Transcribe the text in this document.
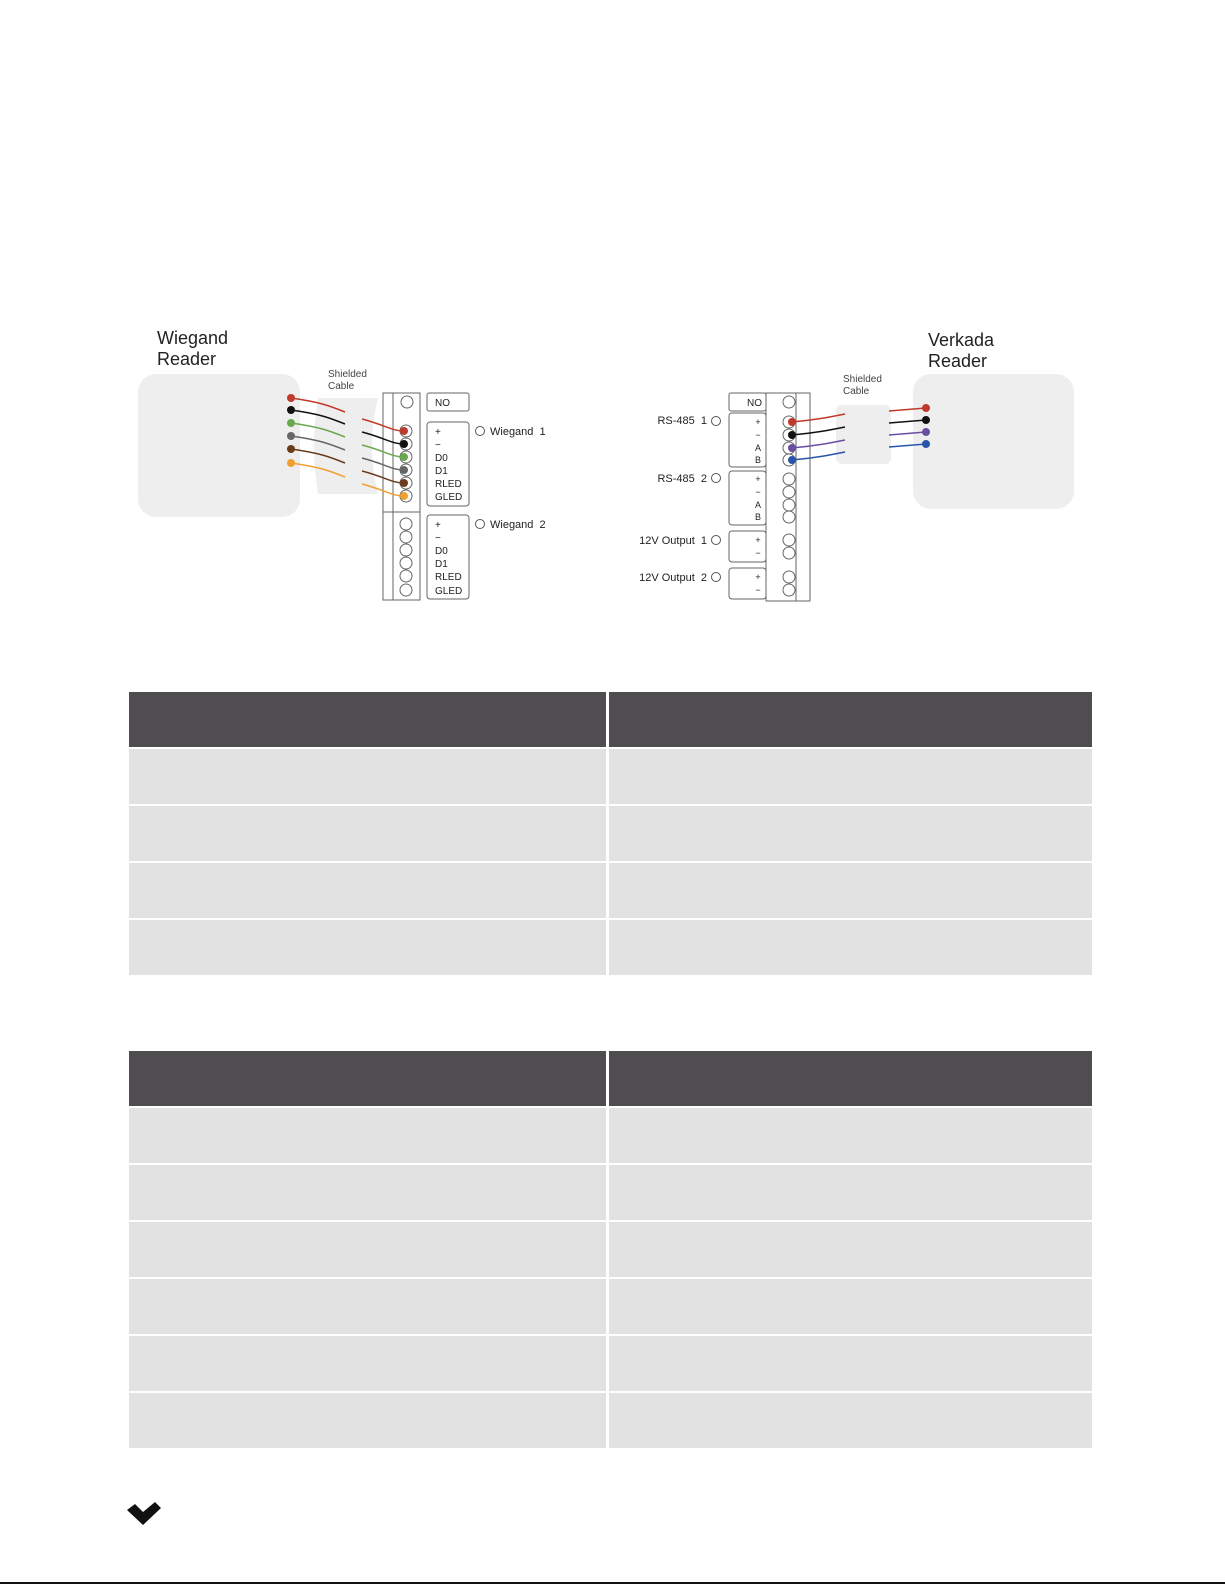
Wiegand
Reader
Shielded
Cable
NO
+
−
D0
D1
RLED
GLED
+
−
D0
D1
RLED
GLED
Wiegand  1
Wiegand  2
Verkada
Reader
Shielded
Cable
NO
+
−
A
B
+
−
A
B
+
−
+
−
RS-485  1
RS-485  2
12V Output  1
12V Output  2
